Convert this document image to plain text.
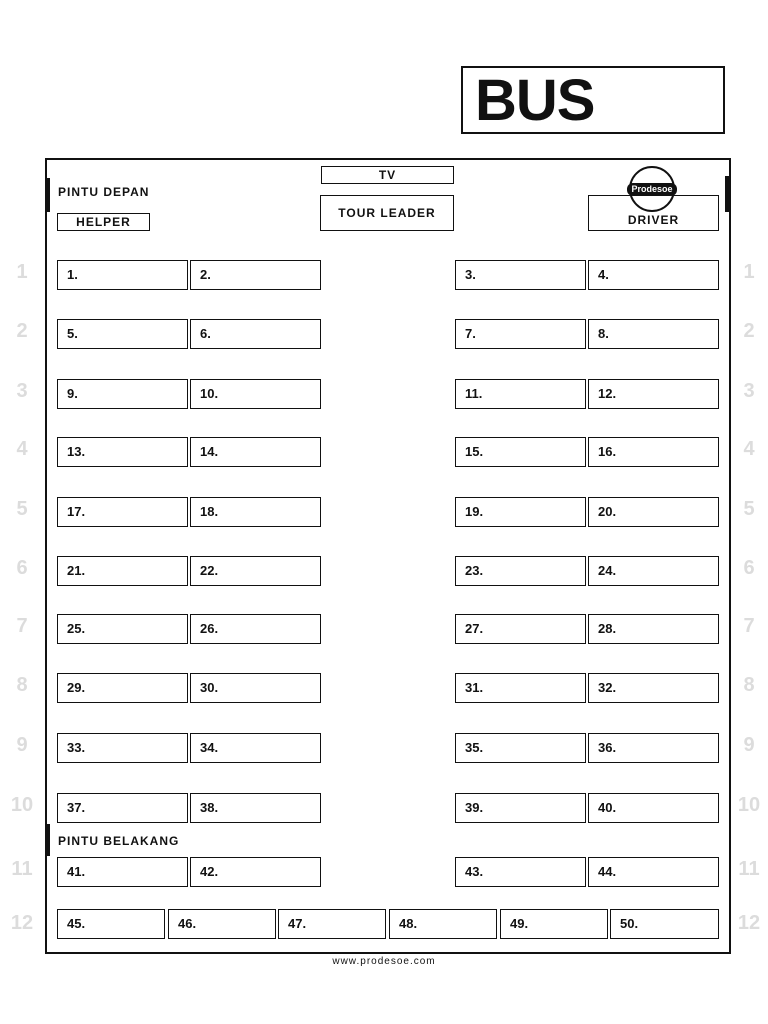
BUS
PINTU DEPAN
HELPER
TV
TOUR LEADER	DRIVER
Prodesoe
PINTU BELAKANG
1	1
2	2
3	3
4	4
5	5
6	6
7	7
8	8
9	9
10	10
11	11
12	12
1.	2.	3.	4.
5.	6.	7.	8.
9.	10.	11.	12.
13.	14.	15.	16.
17.	18.	19.	20.
21.	22.	23.	24.
25.	26.	27.	28.
29.	30.	31.	32.
33.	34.	35.	36.
37.	38.	39.	40.
41.	42.	43.	44.
45.	46.	47.	48.	49.	50.
www.prodesoe.com
